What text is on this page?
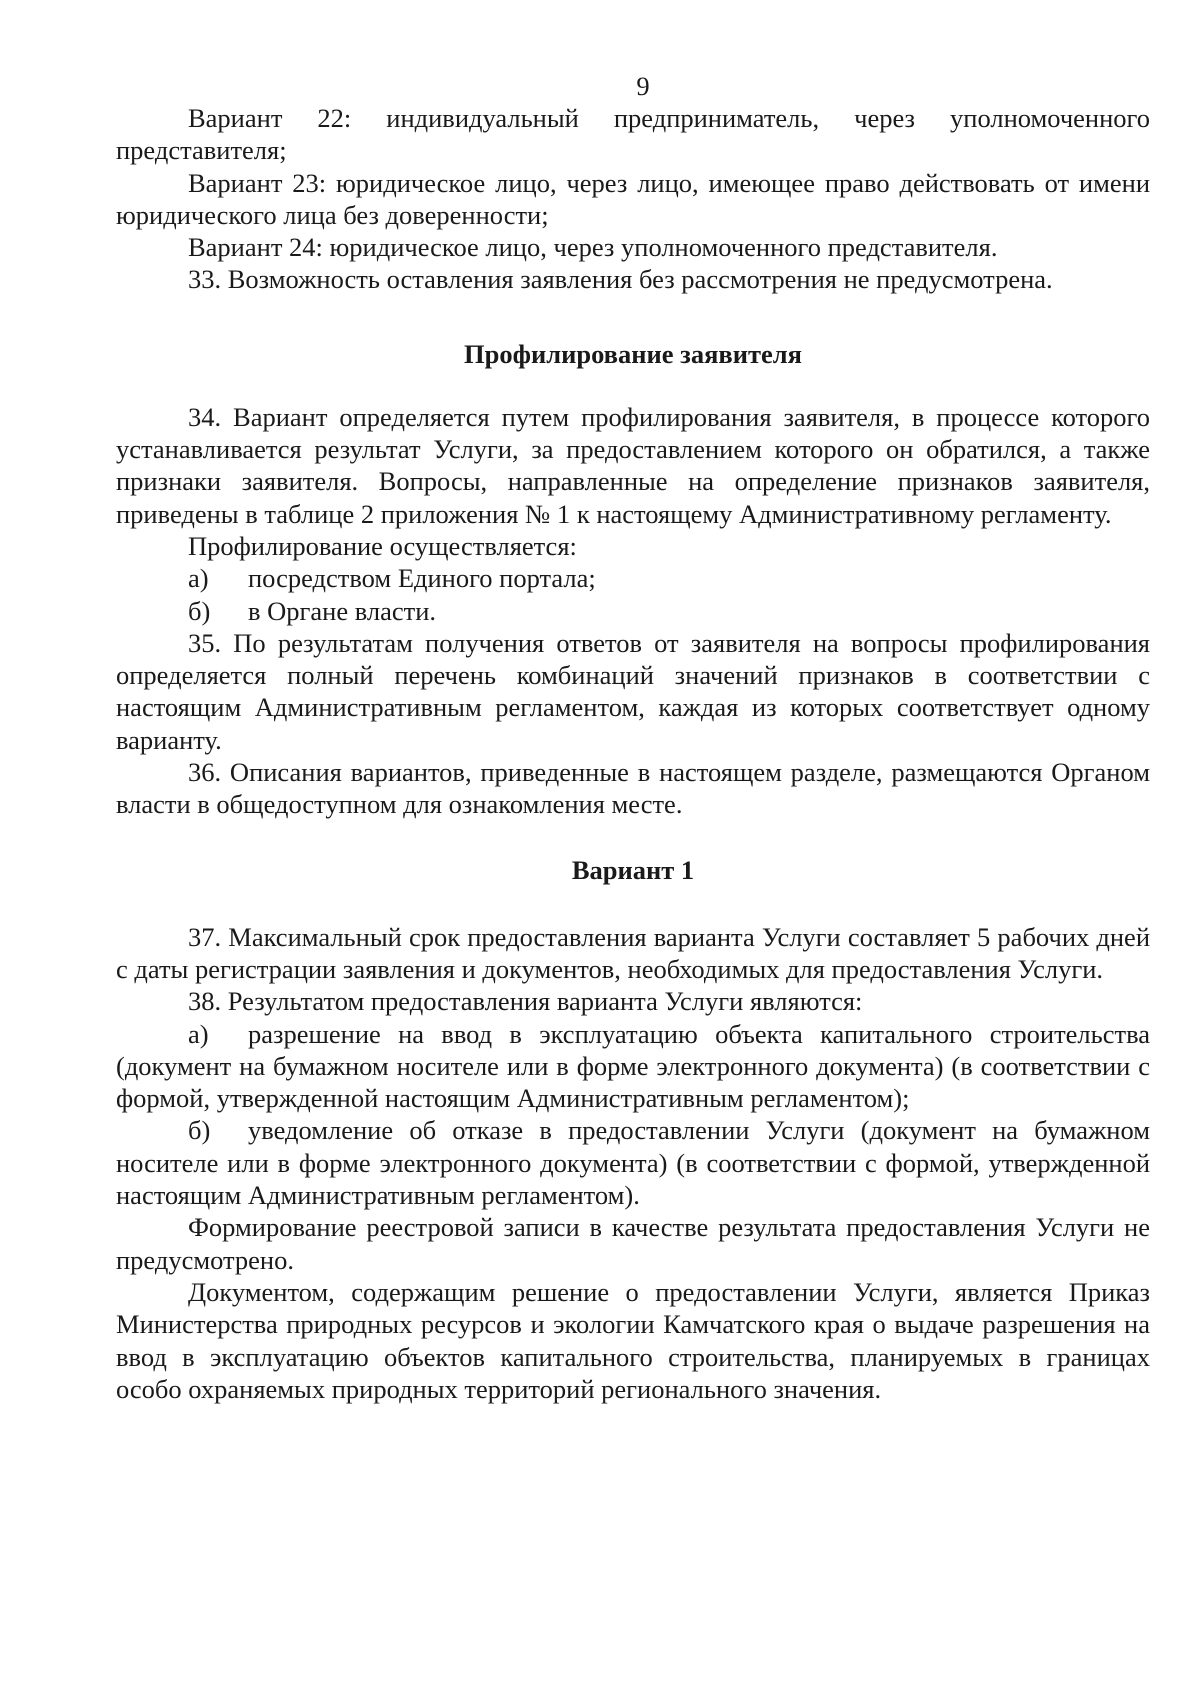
9

Вариант 22: индивидуальный предприниматель, через уполномоченного представителя;

Вариант 23: юридическое лицо, через лицо, имеющее право действовать от имени юридического лица без доверенности;

Вариант 24: юридическое лицо, через уполномоченного представителя.

33. Возможность оставления заявления без рассмотрения не предусмотрена.

Профилирование заявителя

34. Вариант определяется путем профилирования заявителя, в процессе которого устанавливается результат Услуги, за предоставлением которого он обратился, а также признаки заявителя. Вопросы, направленные на определение признаков заявителя, приведены в таблице 2 приложения № 1 к настоящему Административному регламенту.

Профилирование осуществляется:

а) посредством Единого портала;

б) в Органе власти.

35. По результатам получения ответов от заявителя на вопросы профилирования определяется полный перечень комбинаций значений признаков в соответствии с настоящим Административным регламентом, каждая из которых соответствует одному варианту.

36. Описания вариантов, приведенные в настоящем разделе, размещаются Органом власти в общедоступном для ознакомления месте.

Вариант 1

37. Максимальный срок предоставления варианта Услуги составляет 5 рабочих дней с даты регистрации заявления и документов, необходимых для предоставления Услуги.

38. Результатом предоставления варианта Услуги являются:

а) разрешение на ввод в эксплуатацию объекта капитального строительства (документ на бумажном носителе или в форме электронного документа) (в соответствии с формой, утвержденной настоящим Административным регламентом);

б) уведомление об отказе в предоставлении Услуги (документ на бумажном носителе или в форме электронного документа) (в соответствии с формой, утвержденной настоящим Административным регламентом).

Формирование реестровой записи в качестве результата предоставления Услуги не предусмотрено.

Документом, содержащим решение о предоставлении Услуги, является Приказ Министерства природных ресурсов и экологии Камчатского края о выдаче разрешения на ввод в эксплуатацию объектов капитального строительства, планируемых в границах особо охраняемых природных территорий регионального значения.
